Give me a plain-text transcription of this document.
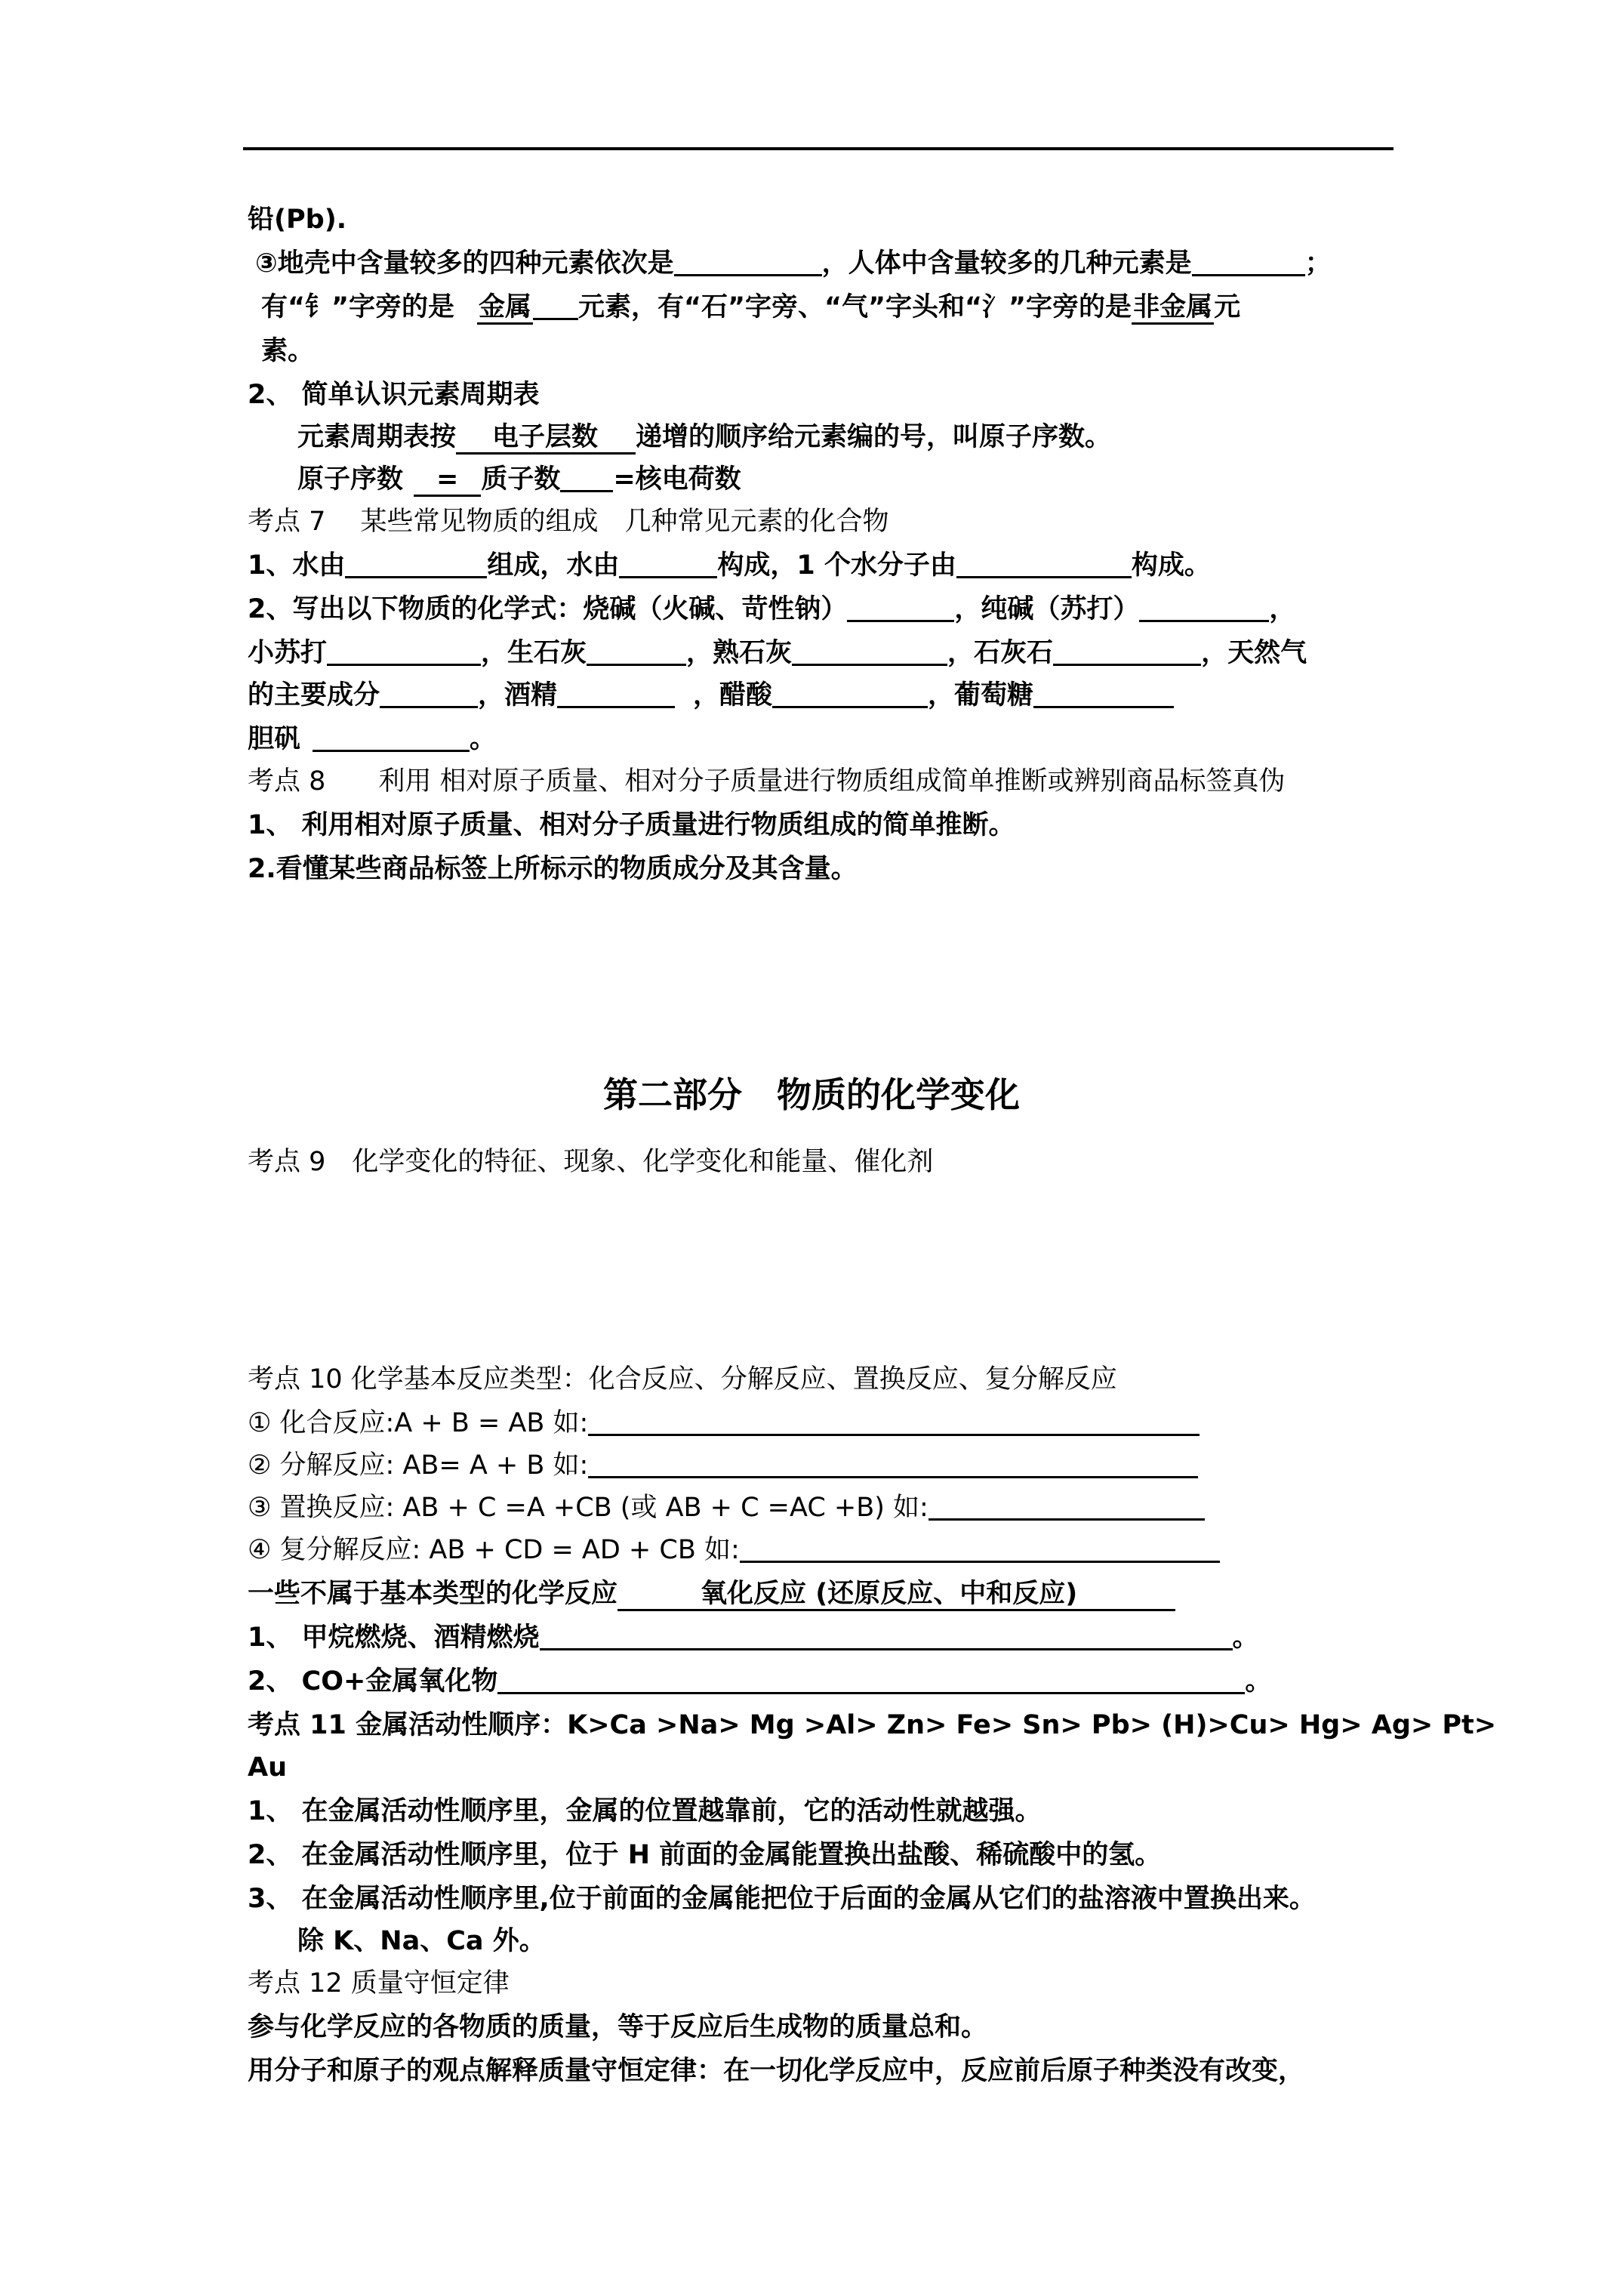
铅(Pb).
③地壳中含量较多的四种元素依次是	，人体中含量较多的几种元素是	；
有“钅”字旁的是 金属 元素，有“石”字旁、“气”字头和“氵”字旁的是非金属元
素。
2、 简单认识元素周期表
元素周期表按 电子层数 递增的顺序给元素编的号，叫原子序数。
原子序数 = 质子数 =核电荷数
考点 7　 某些常见物质的组成　几种常见元素的化合物
1、水由	组成，水由	构成，1 个水分子由	构成。
2、写出以下物质的化学式：烧碱（火碱、苛性钠）	，纯碱（苏打）	，
小苏打	，生石灰	，熟石灰	，石灰石	，天然气
的主要成分	，酒精	，醋酸	，葡萄糖
胆矾	。
考点 8　　利用 相对原子质量、相对分子质量进行物质组成简单推断或辨别商品标签真伪
1、 利用相对原子质量、相对分子质量进行物质组成的简单推断。
2.看懂某些商品标签上所标示的物质成分及其含量。
第二部分　物质的化学变化
考点 9　化学变化的特征、现象、化学变化和能量、催化剂
考点 10 化学基本反应类型：化合反应、分解反应、置换反应、复分解反应
① 化合反应:A + B = AB 如:
② 分解反应: AB= A + B 如:
③ 置换反应: AB + C =A +CB (或 AB + C =AC +B) 如:
④ 复分解反应: AB + CD = AD + CB 如:
一些不属于基本类型的化学反应	氧化反应 (还原反应、中和反应)
1、 甲烷燃烧、酒精燃烧	。
2、 CO+金属氧化物	。
考点 11 金属活动性顺序：K>Ca >Na> Mg >Al> Zn> Fe> Sn> Pb> (H)>Cu> Hg> Ag> Pt>
Au
1、 在金属活动性顺序里，金属的位置越靠前，它的活动性就越强。
2、 在金属活动性顺序里，位于 H 前面的金属能置换出盐酸、稀硫酸中的氢。
3、 在金属活动性顺序里,位于前面的金属能把位于后面的金属从它们的盐溶液中置换出来。
除 K、Na、Ca 外。
考点 12 质量守恒定律
参与化学反应的各物质的质量，等于反应后生成物的质量总和。
用分子和原子的观点解释质量守恒定律：在一切化学反应中，反应前后原子种类没有改变，
